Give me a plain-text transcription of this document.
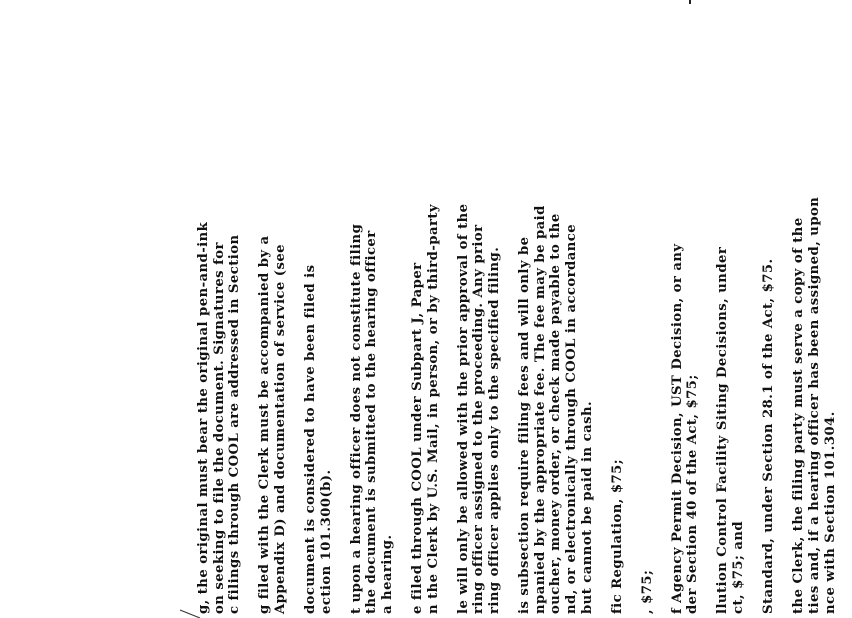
g, the original must bear the original pen-and-ink on seeking to file the document. Signatures for c filings through COOL are addressed in Section g filed with the Clerk must be accompanied by a Appendix D) and documentation of service (see document is considered to have been filed is ection 101.300(b). t upon a hearing officer does not constitute filing the document is submitted to the hearing officer a hearing. e filed through COOL under Subpart J, Paper n the Clerk by U.S. Mail, in person, or by third-party le will only be allowed with the prior approval of the ring officer assigned to the proceeding. Any prior ring officer applies only to the specified filing. is subsection require filing fees and will only be npanied by the appropriate fee. The fee may be paid oucher, money order, or check made payable to the nd, or electronically through COOL in accordance but cannot be paid in cash. fic Regulation, $75; , $75; f Agency Permit Decision, UST Decision, or any der Section 40 of the Act, $75; llution Control Facility Siting Decisions, under ct, $75; and Standard, under Section 28.1 of the Act, $75. the Clerk, the filing party must serve a copy of the ties and, if a hearing officer has been assigned, upon nce with Section 101.304.
